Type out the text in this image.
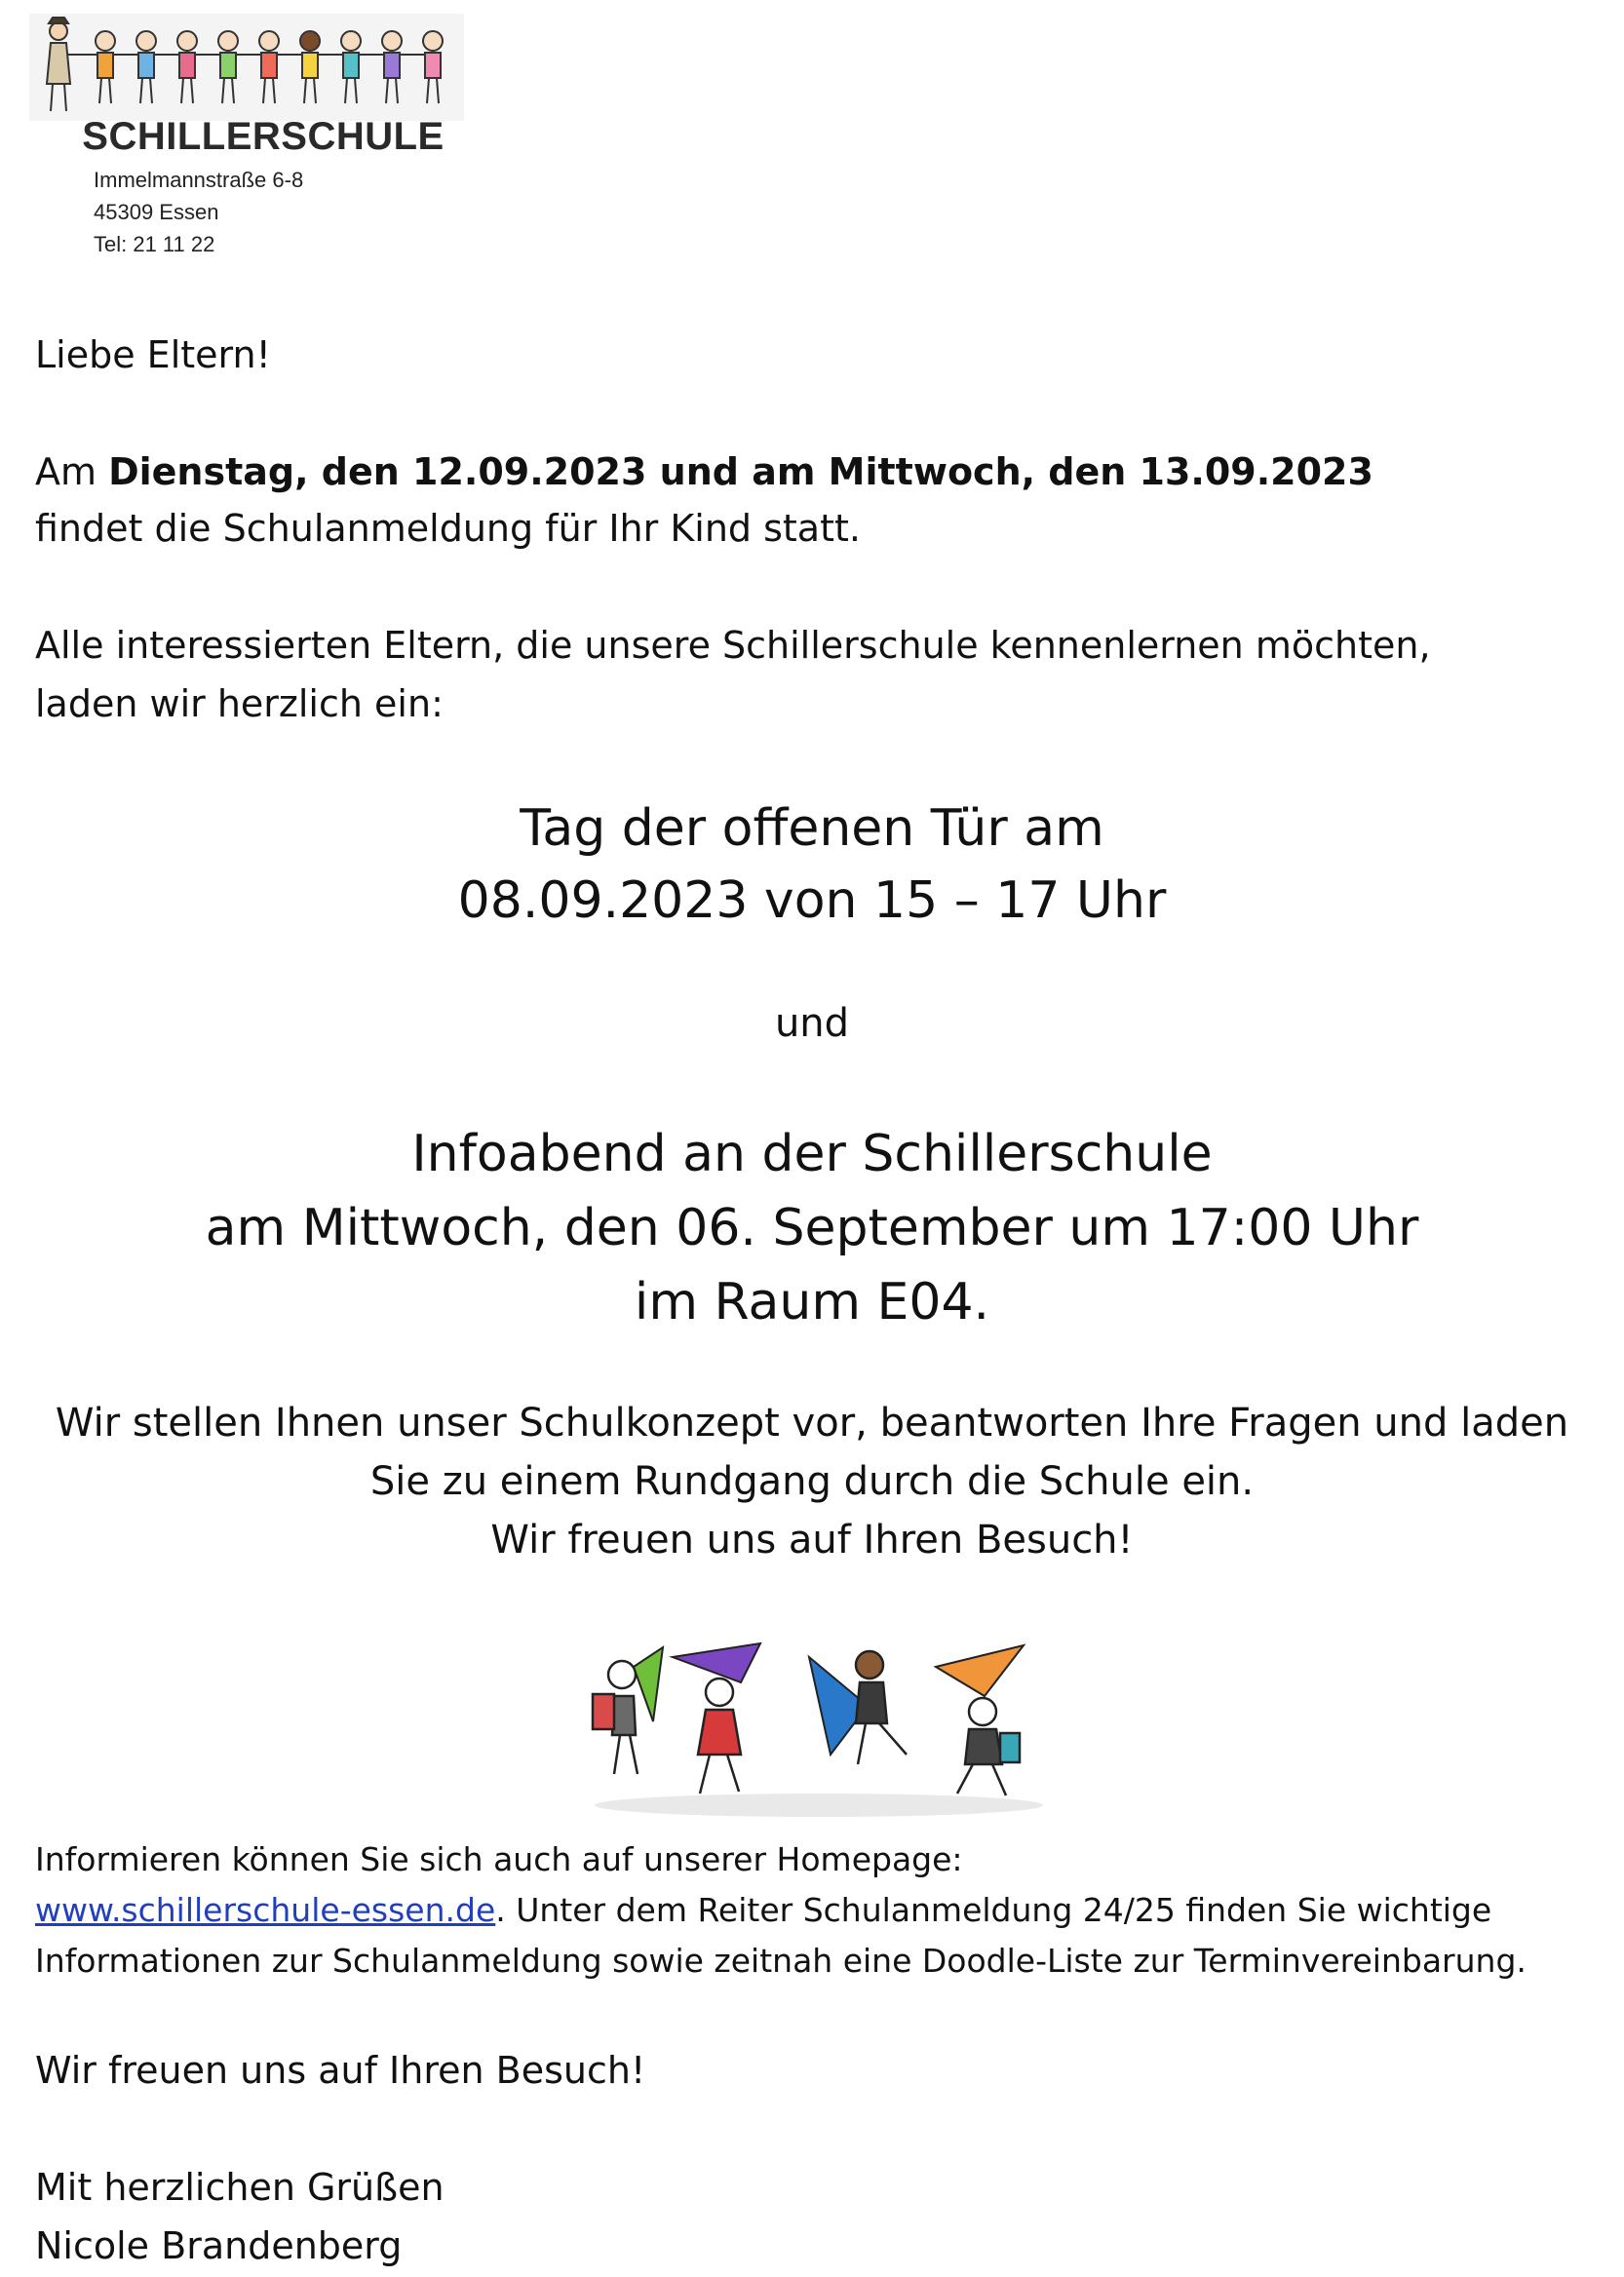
SCHILLERSCHULE
Immelmannstraße 6-8
45309 Essen
Tel: 21 11 22
Liebe Eltern!
Am Dienstag, den 12.09.2023 und am Mittwoch, den 13.09.2023
findet die Schulanmeldung für Ihr Kind statt.
Alle interessierten Eltern, die unsere Schillerschule kennenlernen möchten,
laden wir herzlich ein:
Tag der offenen Tür am
08.09.2023 von 15 – 17 Uhr
und
Infoabend an der Schillerschule
am Mittwoch, den 06. September um 17:00 Uhr
im Raum E04.
Wir stellen Ihnen unser Schulkonzept vor, beantworten Ihre Fragen und laden
Sie zu einem Rundgang durch die Schule ein.
Wir freuen uns auf Ihren Besuch!
Informieren können Sie sich auch auf unserer Homepage:
www.schillerschule-essen.de. Unter dem Reiter Schulanmeldung 24/25 finden Sie wichtige
Informationen zur Schulanmeldung sowie zeitnah eine Doodle-Liste zur Terminvereinbarung.
Wir freuen uns auf Ihren Besuch!
Mit herzlichen Grüßen
Nicole Brandenberg
